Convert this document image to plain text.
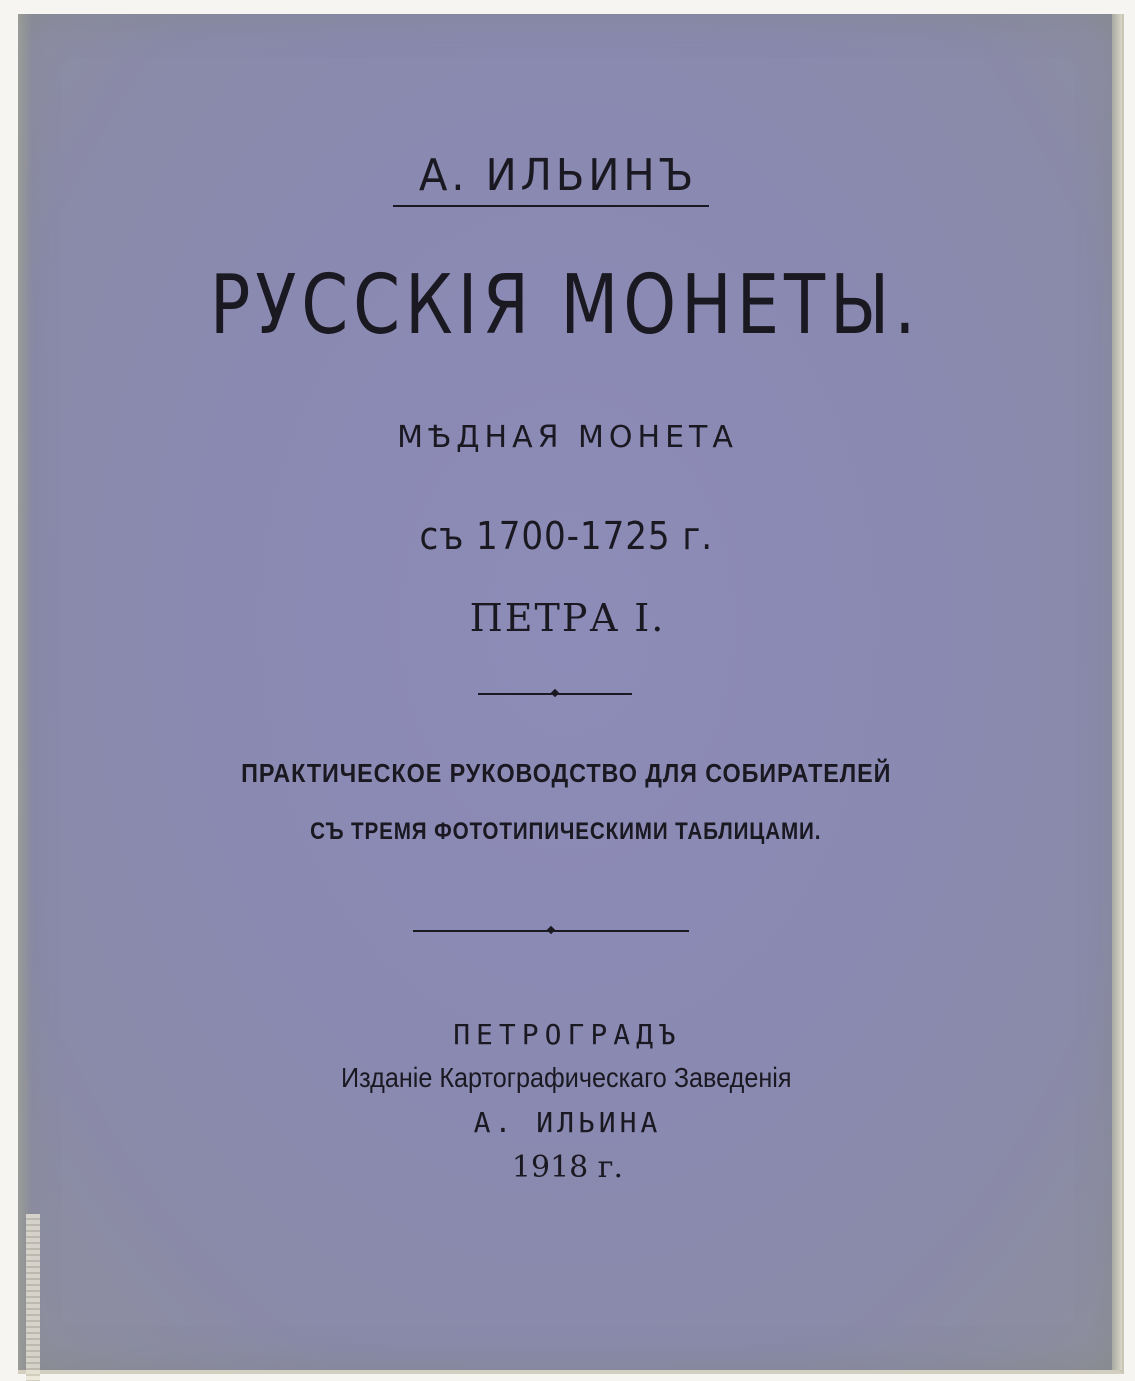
А. ИЛЬИНЪ
РУССКІЯ МОНЕТЫ.
МѢДНАЯ МОНЕТА
съ 1700-1725 г.
ПЕТРА І.
ПРАКТИЧЕСКОЕ РУКОВОДСТВО ДЛЯ СОБИРАТЕЛЕЙ
СЪ ТРЕМЯ ФОТОТИПИЧЕСКИМИ ТАБЛИЦАМИ.
ПЕТРОГРАДЪ
Изданіе Картографическаго Заведенія
А. ИЛЬИНА
1918 г.
